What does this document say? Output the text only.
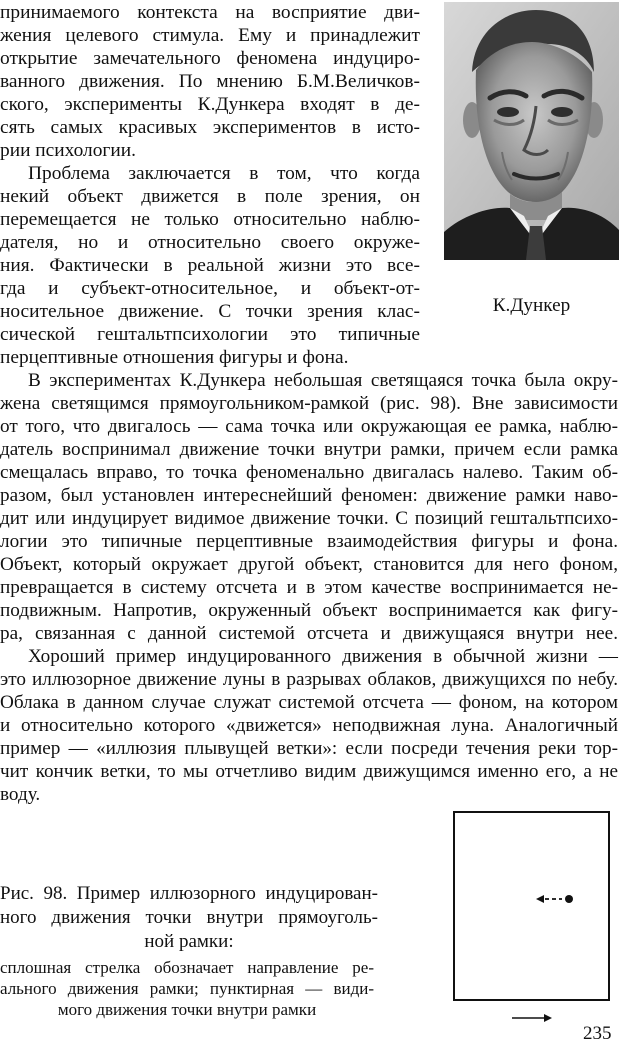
принимаемого контекста на восприятие дви-
жения целевого стимула. Ему и принадлежит
открытие замечательного феномена индуциро-
ванного движения. По мнению Б.М.Величков-
ского, эксперименты К.Дункера входят в де-
сять самых красивых экспериментов в исто-
рии психологии.
Проблема заключается в том, что когда
некий объект движется в поле зрения, он
перемещается не только относительно наблю-
дателя, но и относительно своего окруже-
ния. Фактически в реальной жизни это все-
гда и субъект-относительное, и объект-от-
носительное движение. С точки зрения клас-
сической гештальтпсихологии это типичные
перцептивные отношения фигуры и фона.
К.Дункер
В экспериментах К.Дункера небольшая светящаяся точка была окру-
жена светящимся прямоугольником-рамкой (рис. 98). Вне зависимости
от того, что двигалось — сама точка или окружающая ее рамка, наблю-
датель воспринимал движение точки внутри рамки, причем если рамка
смещалась вправо, то точка феноменально двигалась налево. Таким об-
разом, был установлен интереснейший феномен: движение рамки наво-
дит или индуцирует видимое движение точки. С позиций гештальтпсихо-
логии это типичные перцептивные взаимодействия фигуры и фона.
Объект, который окружает другой объект, становится для него фоном,
превращается в систему отсчета и в этом качестве воспринимается не-
подвижным. Напротив, окруженный объект воспринимается как фигу-
ра, связанная с данной системой отсчета и движущаяся внутри нее.
Хороший пример индуцированного движения в обычной жизни —
это иллюзорное движение луны в разрывах облаков, движущихся по небу.
Облака в данном случае служат системой отсчета — фоном, на котором
и относительно которого «движется» неподвижная луна. Аналогичный
пример — «иллюзия плывущей ветки»: если посреди течения реки тор-
чит кончик ветки, то мы отчетливо видим движущимся именно его, а не
воду.
Рис. 98. Пример иллюзорного индуцирован-
ного движения точки внутри прямоуголь-
ной рамки:
сплошная стрелка обозначает направление ре-
ального движения рамки; пунктирная — види-
мого движения точки внутри рамки
235
